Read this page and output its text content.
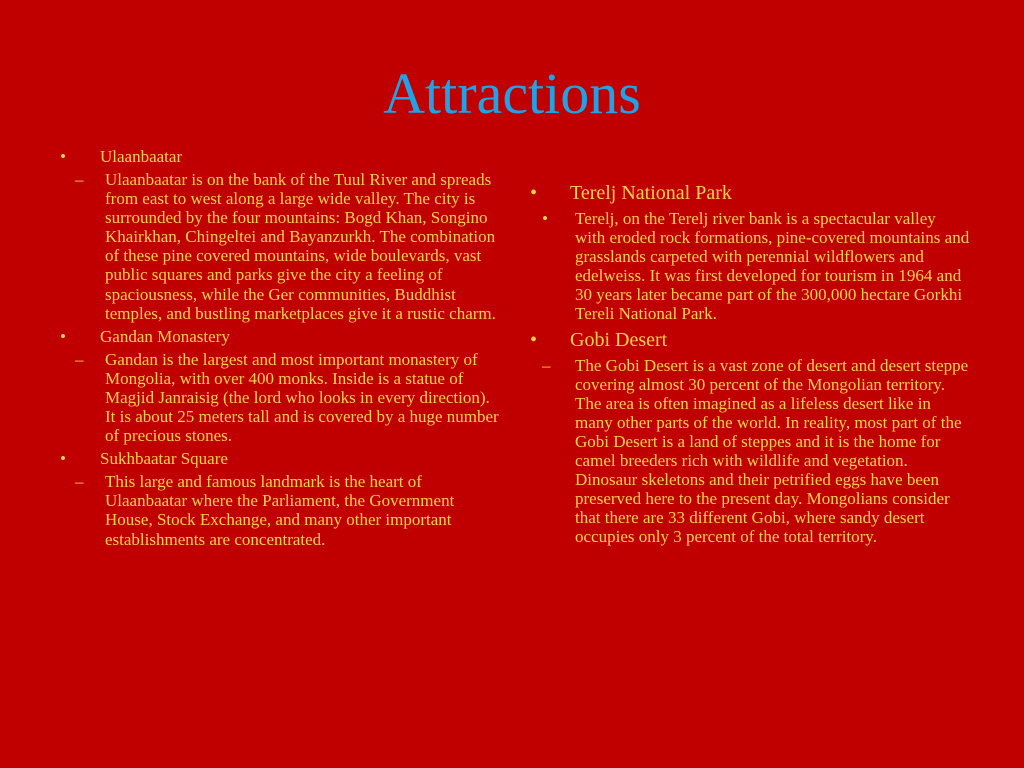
Attractions

•	Ulaanbaatar

– Ulaanbaatar is on the bank of the Tuul River and spreads from east to west along a large wide valley. The city is surrounded by the four mountains: Bogd Khan, Songino Khairkhan, Chingeltei and Bayanzurkh. The combination of these pine covered mountains, wide boulevards, vast public squares and parks give the city a feeling of spaciousness, while the Ger communities, Buddhist temples, and bustling marketplaces give it a rustic charm.

•	Gandan Monastery

– Gandan is the largest and most important monastery of Mongolia, with over 400 monks. Inside is a statue of Magjid Janraisig (the lord who looks in every direction). It is about 25 meters tall and is covered by a huge number of precious stones.

•	Sukhbaatar Square

– This large and famous landmark is the heart of Ulaanbaatar where the Parliament, the Government House, Stock Exchange, and many other important establishments are concentrated.

•	Terelj National Park

• Terelj, on the Terelj river bank is a spectacular valley with eroded rock formations, pine-covered mountains and grasslands carpeted with perennial wildflowers and edelweiss. It was first developed for tourism in 1964 and 30 years later became part of the 300,000 hectare Gorkhi Tereli National Park.

•	Gobi Desert

– The Gobi Desert is a vast zone of desert and desert steppe covering almost 30 percent of the Mongolian territory. The area is often imagined as a lifeless desert like in many other parts of the world. In reality, most part of the Gobi Desert is a land of steppes and it is the home for camel breeders rich with wildlife and vegetation. Dinosaur skeletons and their petrified eggs have been preserved here to the present day. Mongolians consider that there are 33 different Gobi, where sandy desert occupies only 3 percent of the total territory.
